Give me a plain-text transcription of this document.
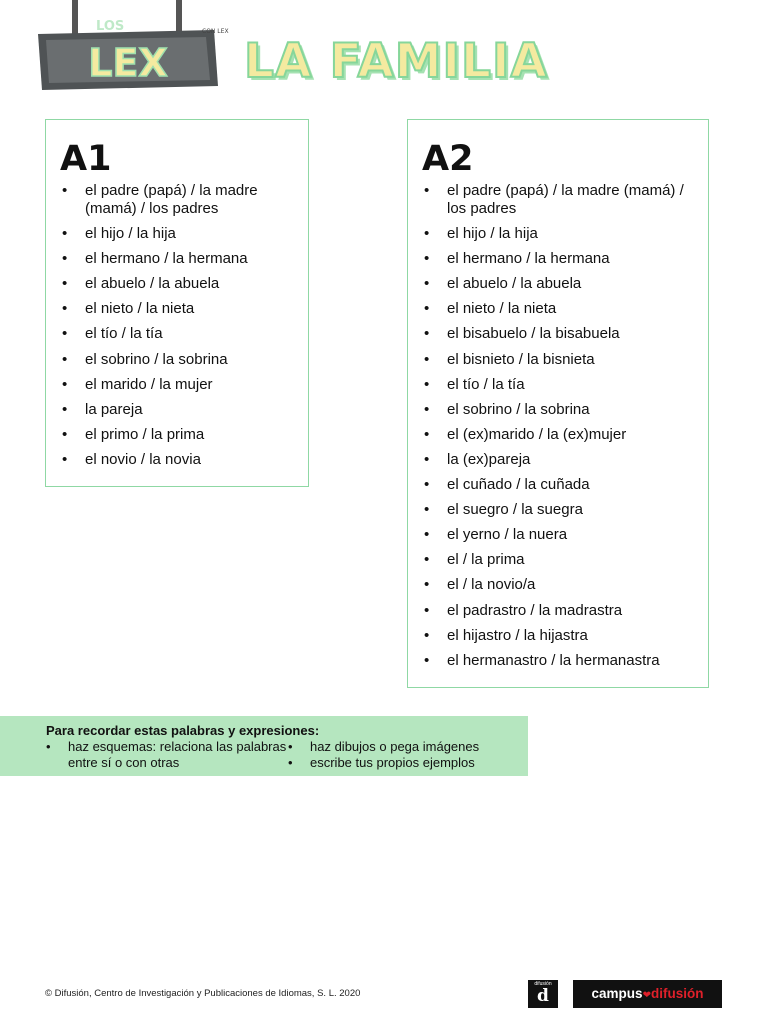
LEX
LOS	CON LEX
LA FAMILIA
A1
• el padre (papá) / la madre (mamá) / los padres
• el hijo / la hija
• el hermano / la hermana
• el abuelo / la abuela
• el nieto / la nieta
• el tío / la tía
• el sobrino / la sobrina
• el marido / la mujer
• la pareja
• el primo / la prima
• el novio / la novia
A2
• el padre (papá) / la madre (mamá) / los padres
• el hijo / la hija
• el hermano / la hermana
• el abuelo / la abuela
• el nieto / la nieta
• el bisabuelo / la bisabuela
• el bisnieto / la bisnieta
• el tío / la tía
• el sobrino / la sobrina
• el (ex)marido / la (ex)mujer
• la (ex)pareja
• el cuñado / la cuñada
• el suegro / la suegra
• el yerno / la nuera
• el / la prima
• el / la novio/a
• el padrastro / la madrastra
• el hijastro / la hijastra
• el hermanastro / la hermanastra
Para recordar estas palabras y expresiones:
• haz esquemas: relaciona las palabras entre sí o con otras
• haz dibujos o pega imágenes
• escribe tus propios ejemplos
© Difusión, Centro de Investigación y Publicaciones de Idiomas, S. L. 2020
difusión
d	campus❤difusión
